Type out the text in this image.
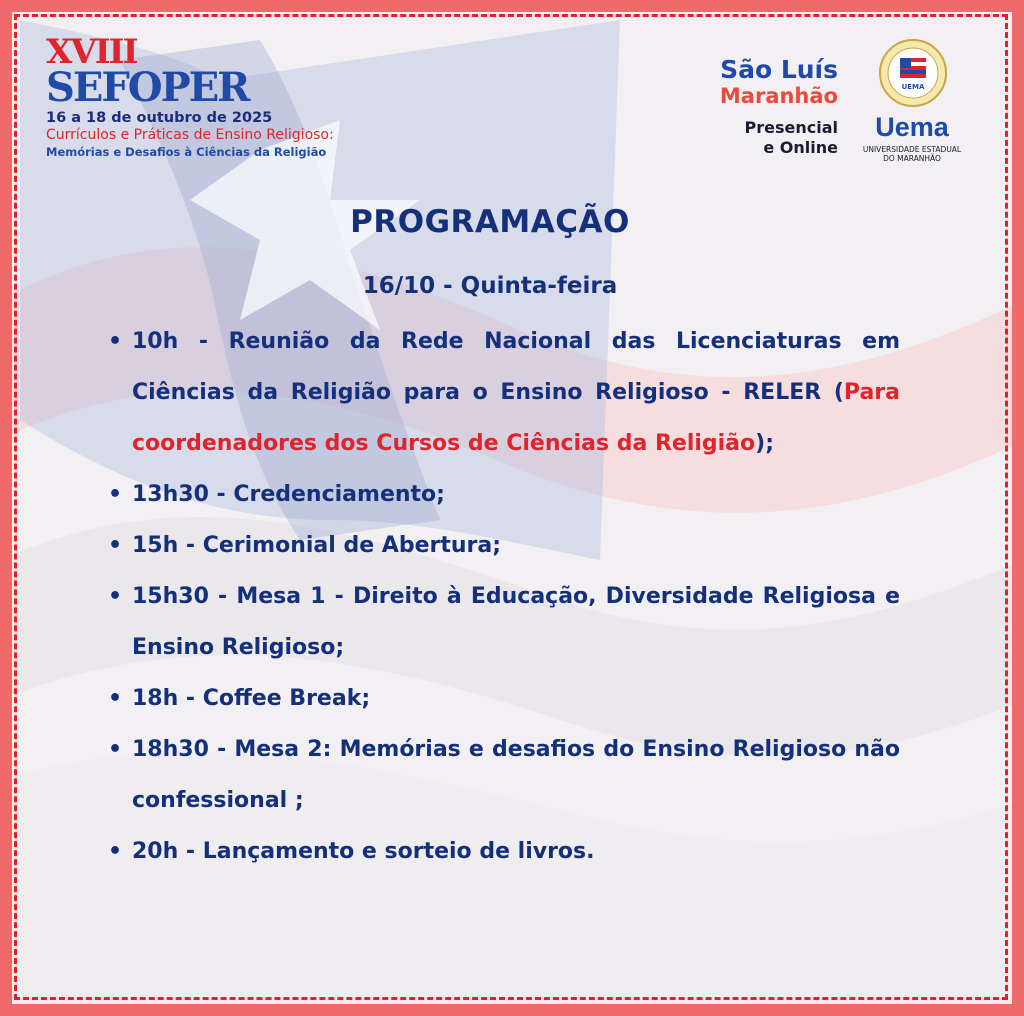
XVIII
SEFOPER
16 a 18 de outubro de 2025
Currículos e Práticas de Ensino Religioso:
Memórias e Desafios à Ciências da Religião
São Luís
Maranhão
Presencial
e Online
UEMA
Uema
UNIVERSIDADE ESTADUAL
DO MARANHÃO
PROGRAMAÇÃO
16/10 - Quinta-feira
• 10h - Reunião da Rede Nacional das Licenciaturas em Ciências da Religião para o Ensino Religioso - RELER (Para coordenadores dos Cursos de Ciências da Religião);
• 13h30 - Credenciamento;
• 15h - Cerimonial de Abertura;
• 15h30 - Mesa 1 - Direito à Educação, Diversidade Religiosa e Ensino Religioso;
• 18h - Coffee Break;
• 18h30 - Mesa 2: Memórias e desafios do Ensino Religioso não confessional ;
• 20h - Lançamento e sorteio de livros.
